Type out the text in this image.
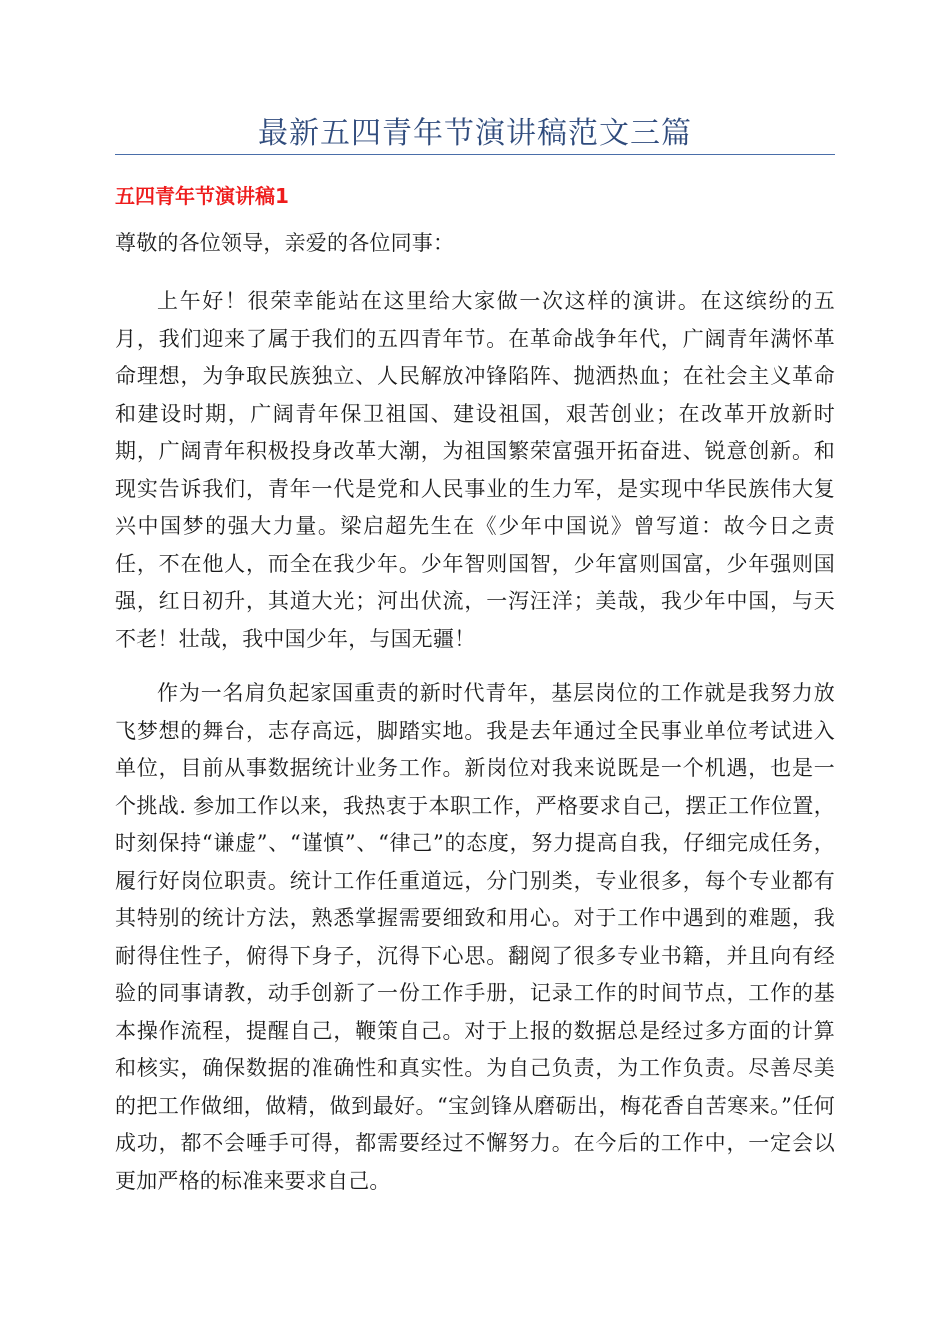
最新五四青年节演讲稿范文三篇
五四青年节演讲稿1

尊敬的各位领导，亲爱的各位同事：

上午好！很荣幸能站在这里给大家做一次这样的演讲。在这缤纷的五月，我们迎来了属于我们的五四青年节。在革命战争年代，广阔青年满怀革命理想，为争取民族独立、人民解放冲锋陷阵、抛洒热血；在社会主义革命和建设时期，广阔青年保卫祖国、建设祖国，艰苦创业；在改革开放新时期，广阔青年积极投身改革大潮，为祖国繁荣富强开拓奋进、锐意创新。和现实告诉我们，青年一代是党和人民事业的生力军，是实现中华民族伟大复兴中国梦的强大力量。梁启超先生在《少年中国说》曾写道：故今日之责任，不在他人，而全在我少年。少年智则国智，少年富则国富，少年强则国强，红日初升，其道大光；河出伏流，一泻汪洋；美哉，我少年中国，与天不老！壮哉，我中国少年，与国无疆！

作为一名肩负起家国重责的新时代青年，基层岗位的工作就是我努力放飞梦想的舞台，志存高远，脚踏实地。我是去年通过全民事业单位考试进入单位，目前从事数据统计业务工作。新岗位对我来说既是一个机遇，也是一个挑战. 参加工作以来，我热衷于本职工作，严格要求自己，摆正工作位置，时刻保持“谦虚”、“谨慎”、“律己”的态度，努力提高自我，仔细完成任务，履行好岗位职责。统计工作任重道远，分门别类，专业很多，每个专业都有其特别的统计方法，熟悉掌握需要细致和用心。对于工作中遇到的难题，我耐得住性子，俯得下身子，沉得下心思。翻阅了很多专业书籍，并且向有经验的同事请教，动手创新了一份工作手册，记录工作的时间节点，工作的基本操作流程，提醒自己，鞭策自己。对于上报的数据总是经过多方面的计算和核实，确保数据的准确性和真实性。为自己负责，为工作负责。尽善尽美的把工作做细，做精，做到最好。“宝剑锋从磨砺出，梅花香自苦寒来。”任何成功，都不会唾手可得，都需要经过不懈努力。在今后的工作中，一定会以更加严格的标准来要求自己。
